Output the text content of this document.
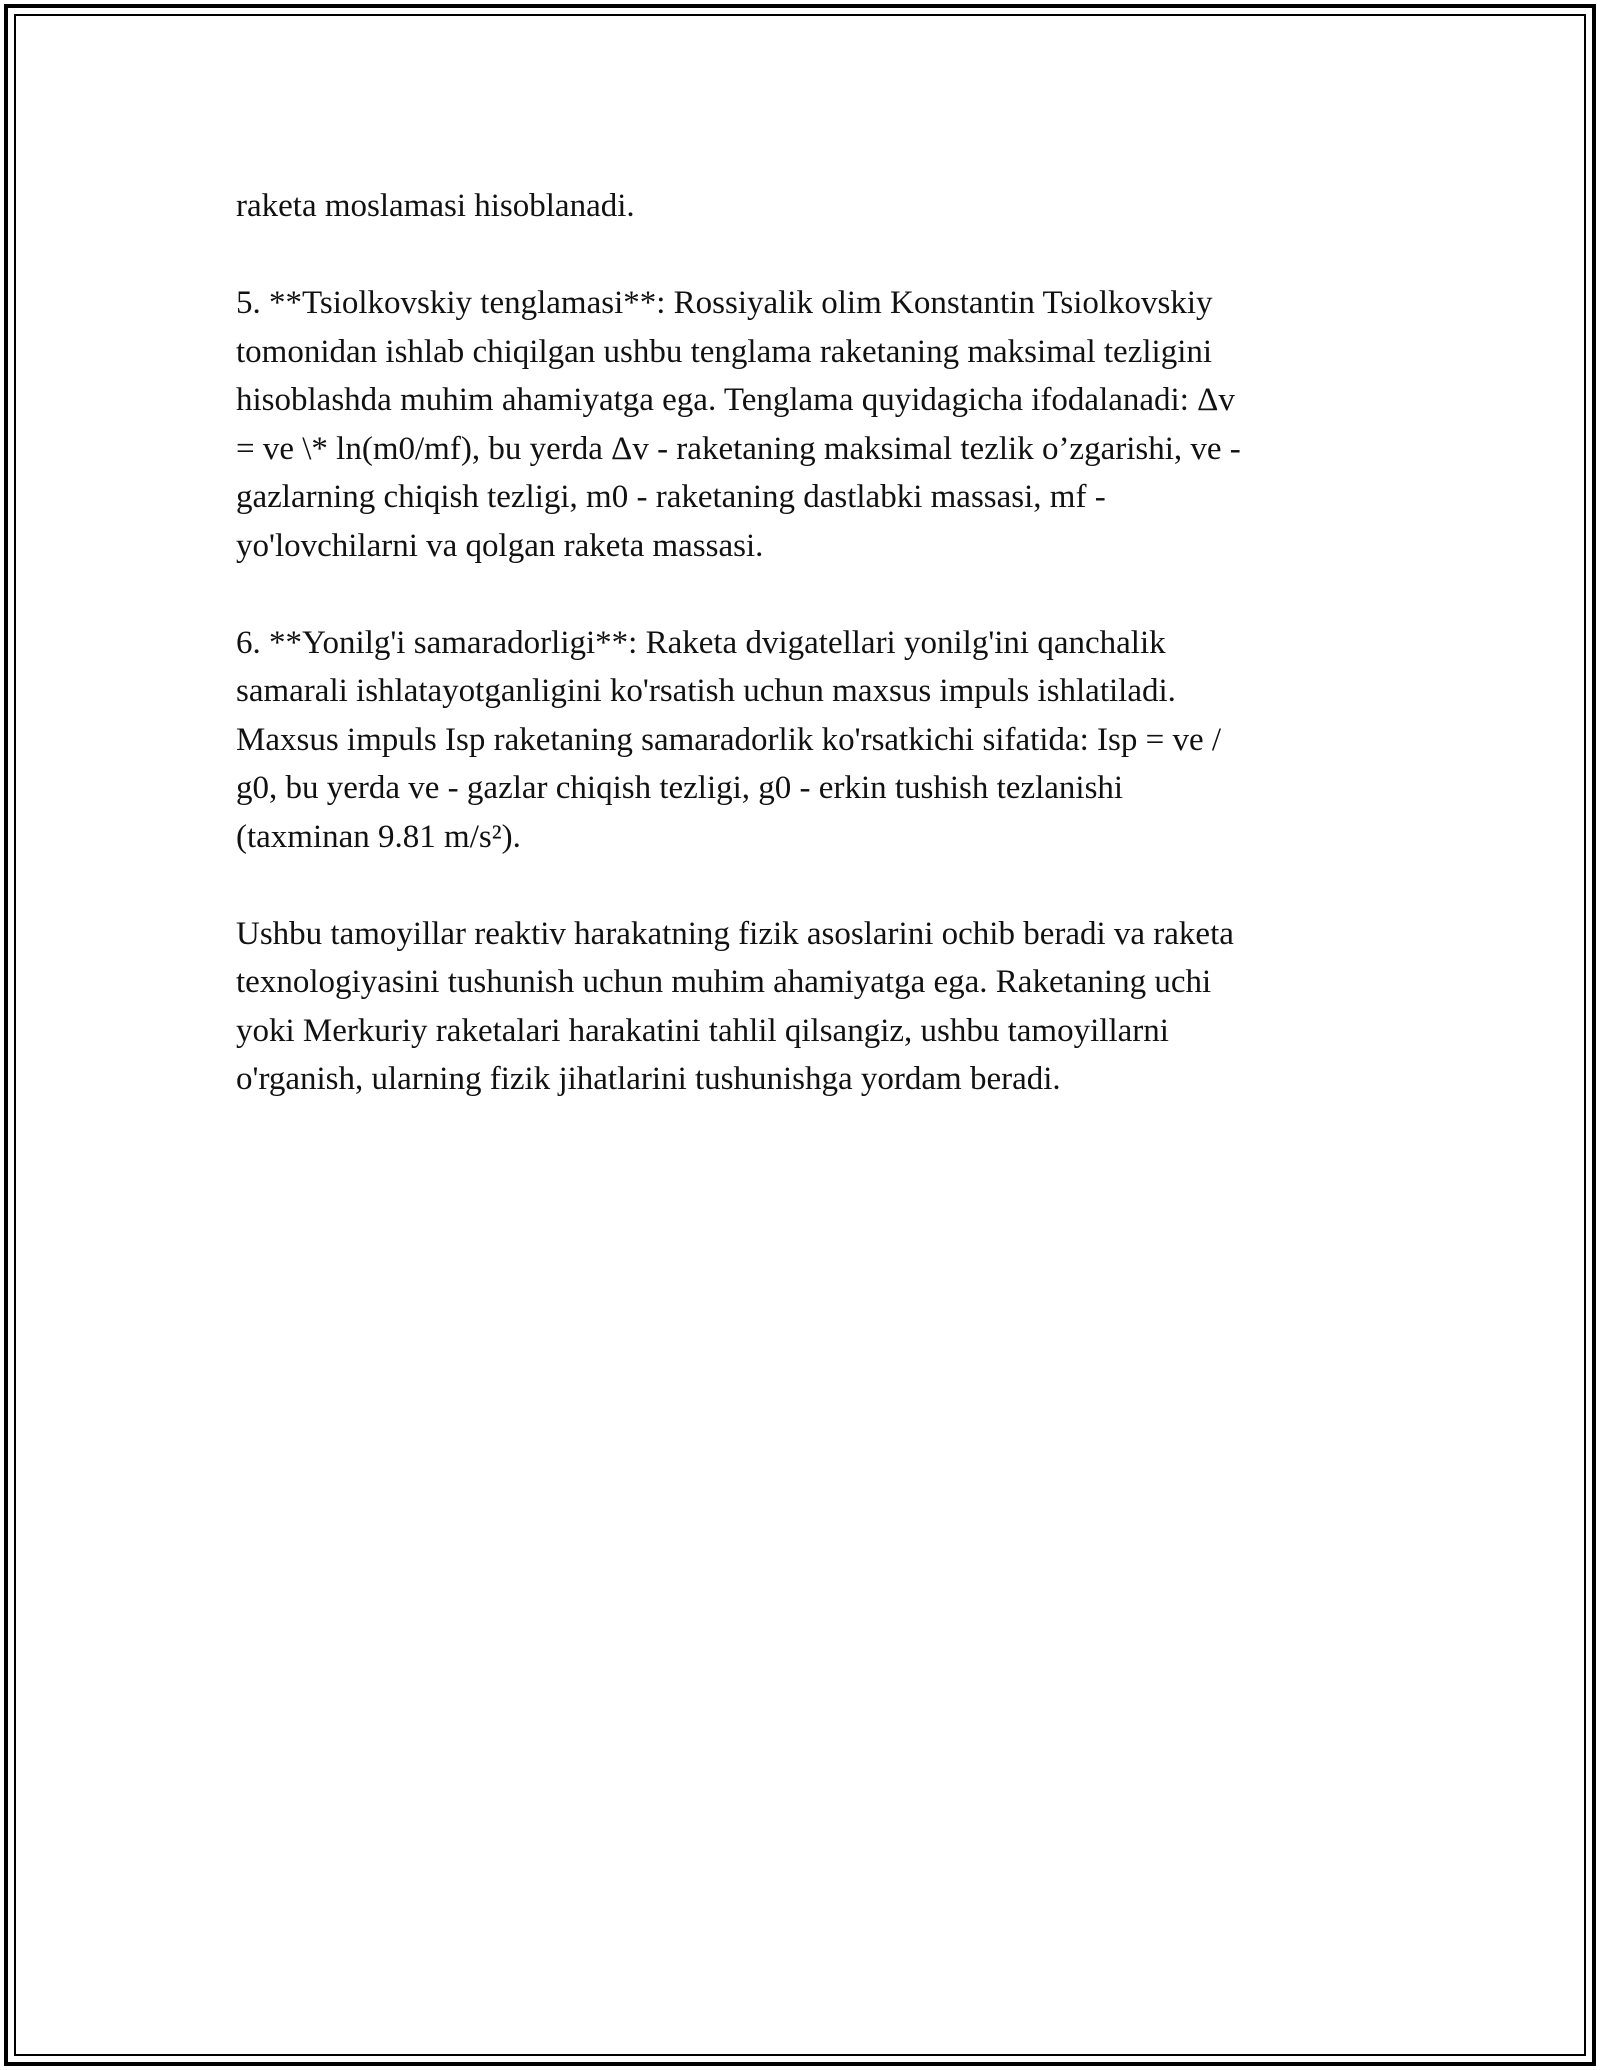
raketa moslamasi hisoblanadi.

5. **Tsiolkovskiy tenglamasi**: Rossiyalik olim Konstantin Tsiolkovskiy
tomonidan ishlab chiqilgan ushbu tenglama raketaning maksimal tezligini
hisoblashda muhim ahamiyatga ega. Tenglama quyidagicha ifodalanadi: Δv
= ve \* ln(m0/mf), bu yerda Δv - raketaning maksimal tezlik o’zgarishi, ve -
gazlarning chiqish tezligi, m0 - raketaning dastlabki massasi, mf -
yo'lovchilarni va qolgan raketa massasi.

6. **Yonilg'i samaradorligi**: Raketa dvigatellari yonilg'ini qanchalik
samarali ishlatayotganligini ko'rsatish uchun maxsus impuls ishlatiladi.
Maxsus impuls Isp raketaning samaradorlik ko'rsatkichi sifatida: Isp = ve /
g0, bu yerda ve - gazlar chiqish tezligi, g0 - erkin tushish tezlanishi
(taxminan 9.81 m/s²).

Ushbu tamoyillar reaktiv harakatning fizik asoslarini ochib beradi va raketa
texnologiyasini tushunish uchun muhim ahamiyatga ega. Raketaning uchi
yoki Merkuriy raketalari harakatini tahlil qilsangiz, ushbu tamoyillarni
o'rganish, ularning fizik jihatlarini tushunishga yordam beradi.
